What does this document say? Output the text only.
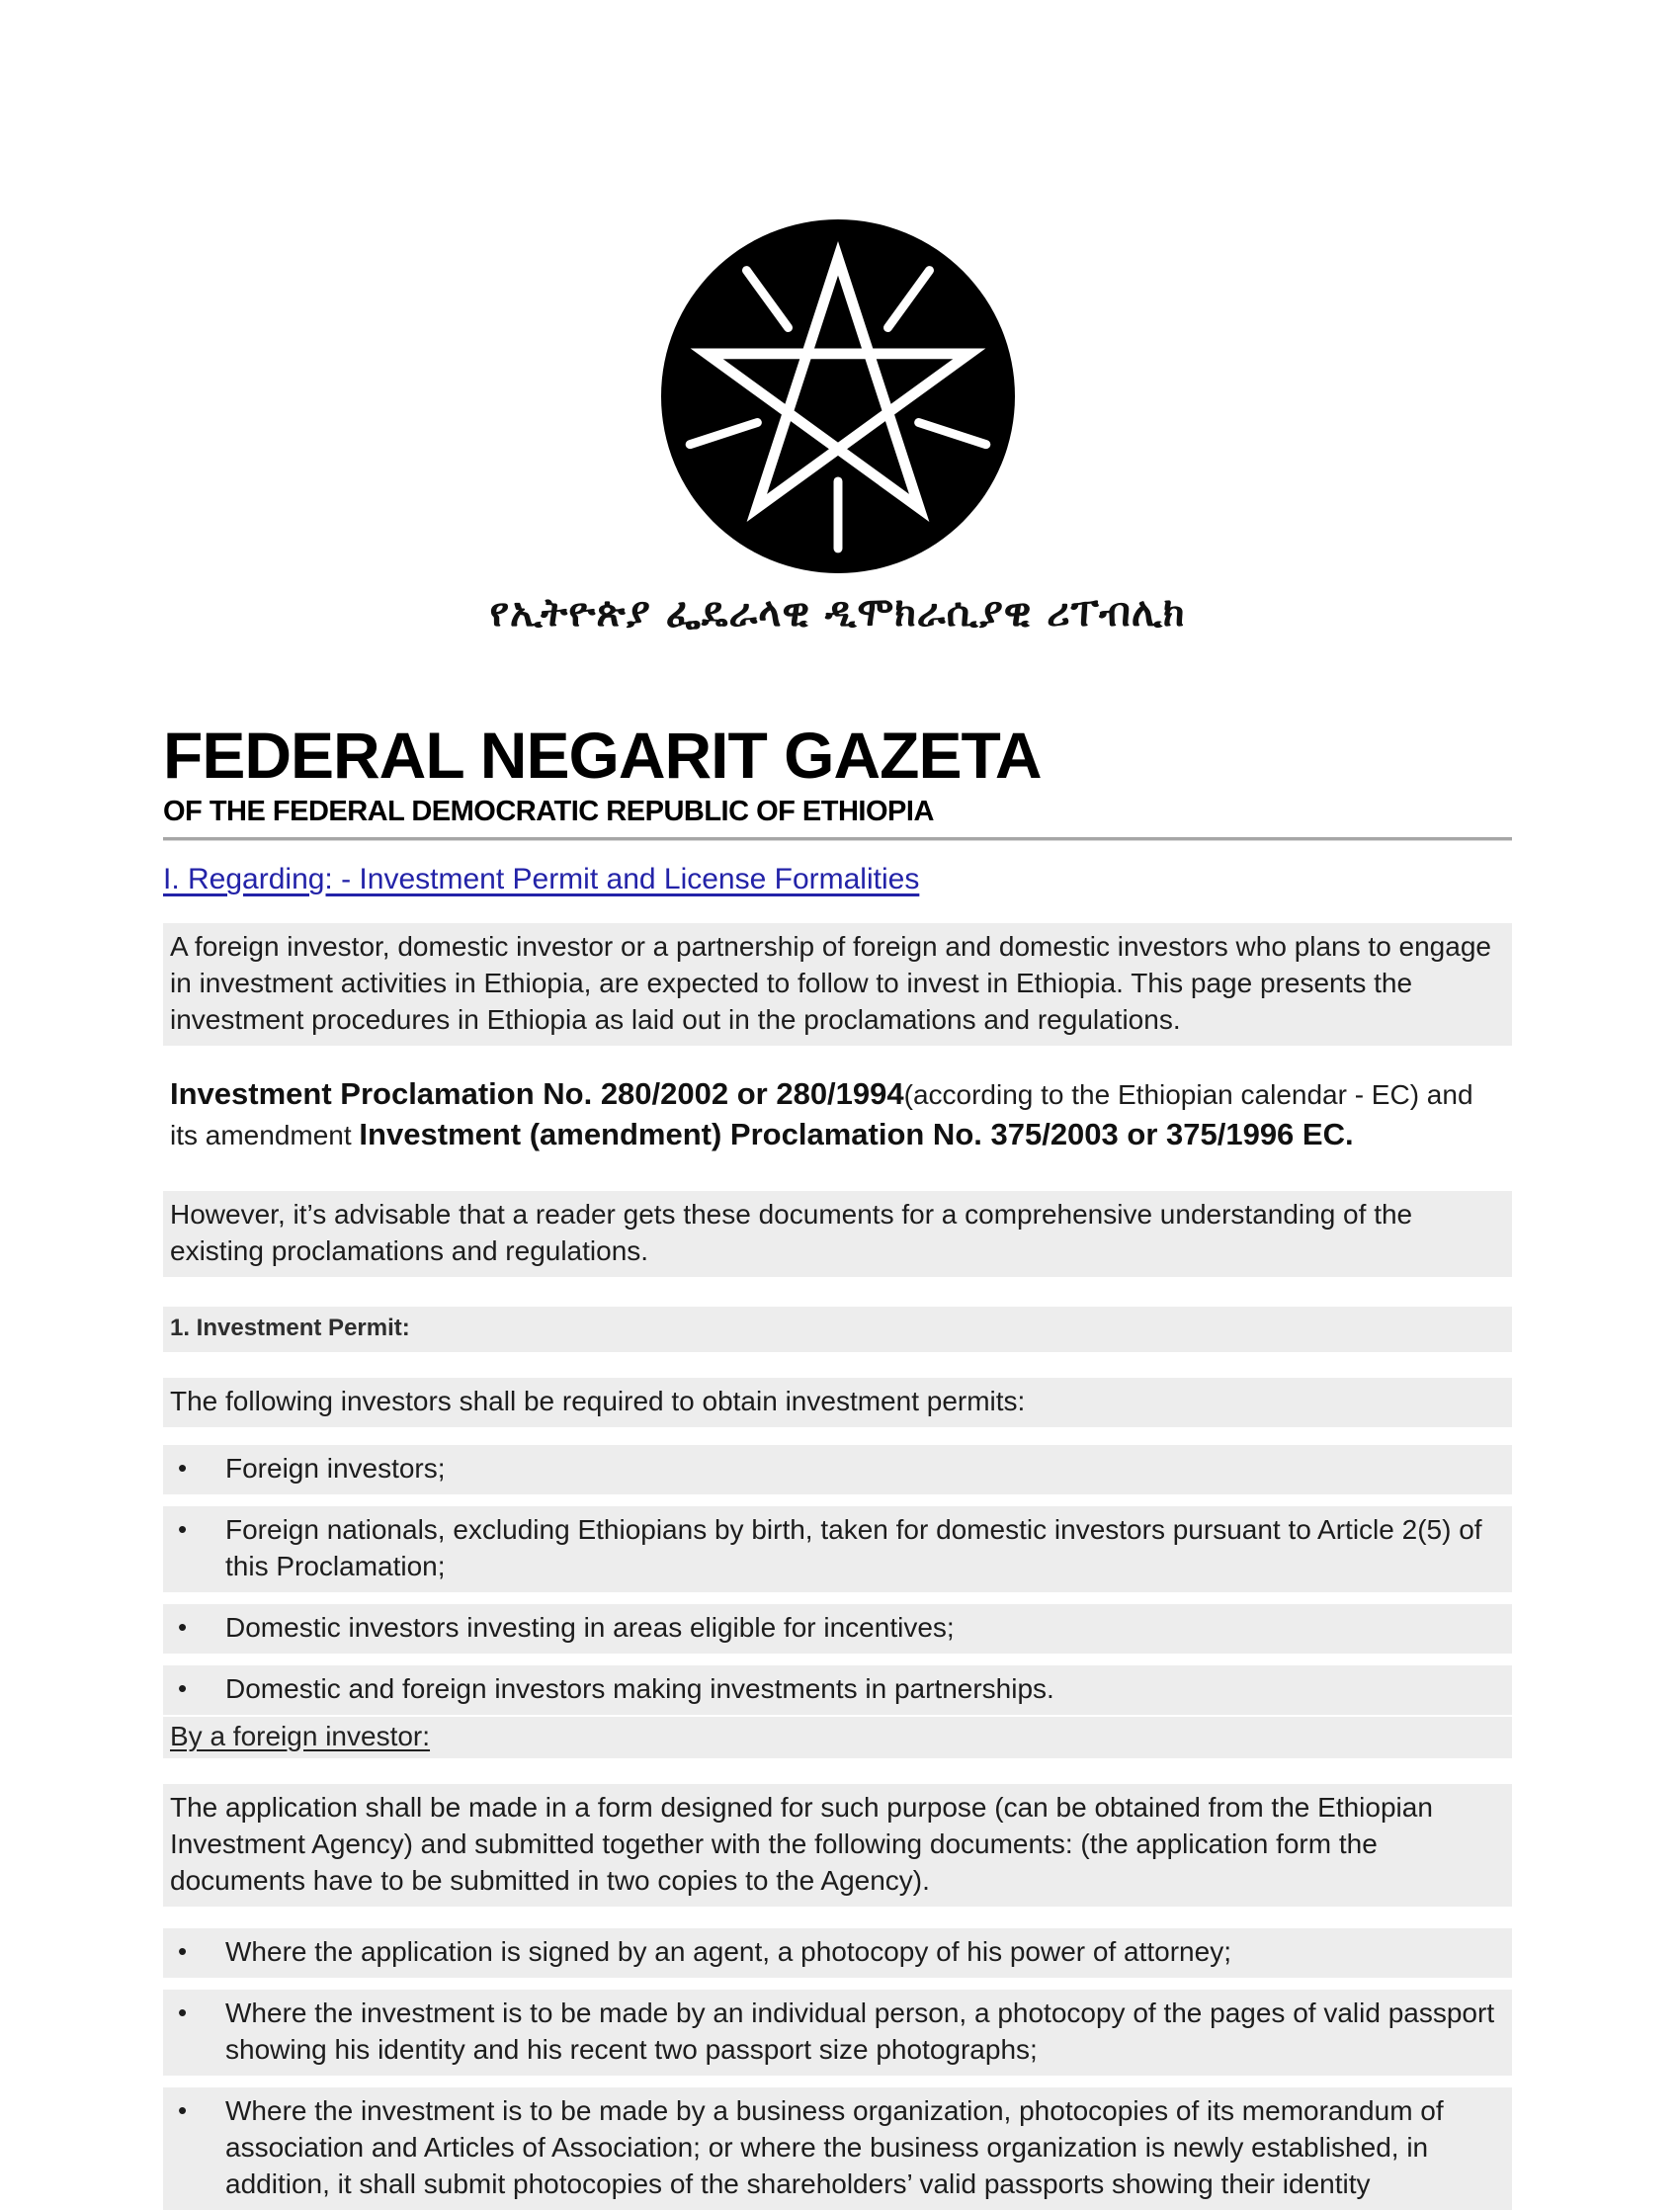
የኢትዮጵያ ፌዴራላዊ ዲሞክራሲያዊ ሪፐብሊክ
FEDERAL NEGARIT GAZETA
OF THE FEDERAL DEMOCRATIC REPUBLIC OF ETHIOPIA
I. Regarding: - Investment Permit and License Formalities
A foreign investor, domestic investor or a partnership of foreign and domestic investors who plans to engage in investment activities in Ethiopia, are expected to follow to invest in Ethiopia. This page presents the investment procedures in Ethiopia as laid out in the proclamations and regulations.
Investment Proclamation No. 280/2002 or 280/1994(according to the Ethiopian calendar - EC) and its amendment Investment (amendment) Proclamation No. 375/2003 or 375/1996 EC.
However, it’s advisable that a reader gets these documents for a comprehensive understanding of the existing proclamations and regulations.
1. Investment Permit:
The following investors shall be required to obtain investment permits:
•	Foreign investors;
•	Foreign nationals, excluding Ethiopians by birth, taken for domestic investors pursuant to Article 2(5) of this Proclamation;
•	Domestic investors investing in areas eligible for incentives;
•	Domestic and foreign investors making investments in partnerships.
By a foreign investor:
The application shall be made in a form designed for such purpose (can be obtained from the Ethiopian Investment Agency) and submitted together with the following documents: (the application form the documents have to be submitted in two copies to the Agency).
•	Where the application is signed by an agent, a photocopy of his power of attorney;
•	Where the investment is to be made by an individual person, a photocopy of the pages of valid passport showing his identity and his recent two passport size photographs;
•	Where the investment is to be made by a business organization, photocopies of its memorandum of association and Articles of Association; or where the business organization is newly established, in addition, it shall submit photocopies of the shareholders’ valid passports showing their identity
